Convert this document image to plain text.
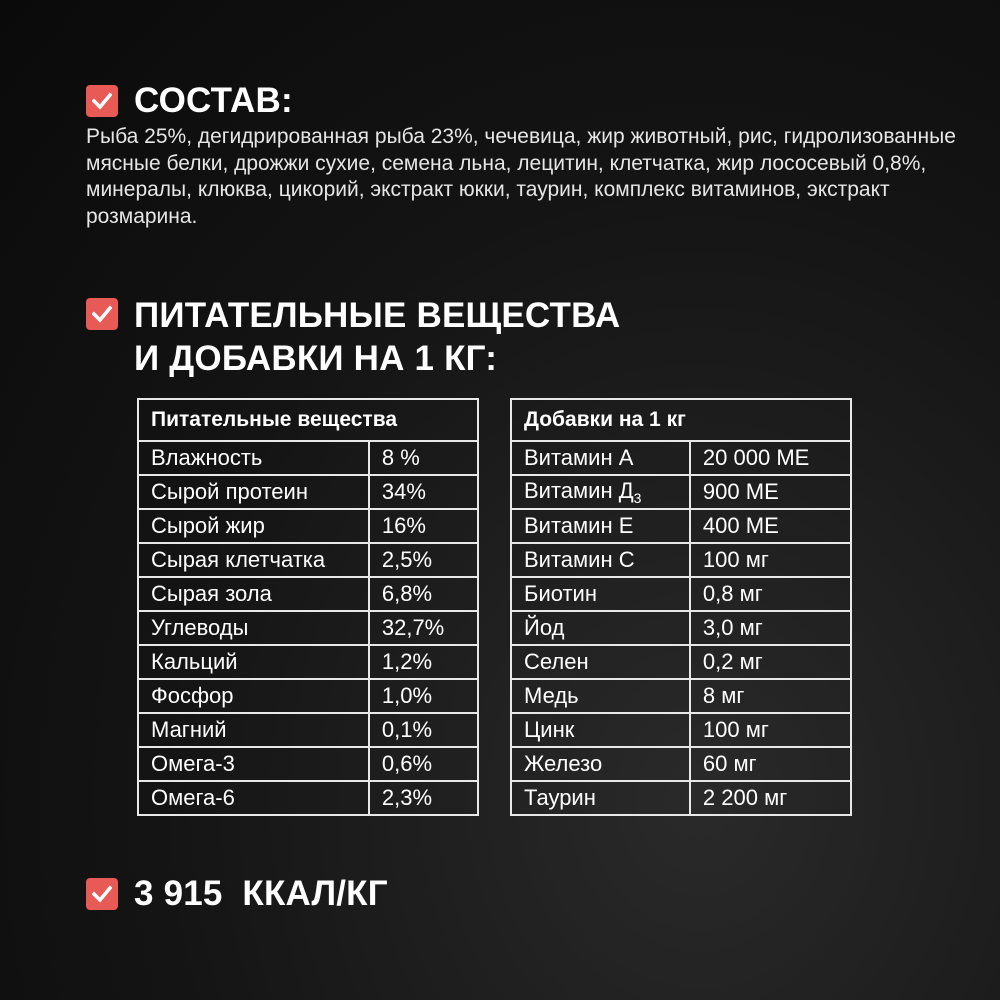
СОСТАВ:

Рыба 25%, дегидрированная рыба 23%, чечевица, жир животный, рис, гидролизованные мясные белки, дрожжи сухие, семена льна, лецитин, клетчатка, жир лососевый 0,8%, минералы, клюква, цикорий, экстракт юкки, таурин, комплекс витаминов, экстракт розмарина.

ПИТАТЕЛЬНЫЕ ВЕЩЕСТВА
И ДОБАВКИ НА 1 КГ:
Питательные вещества	
Влажность	8 %
Сырой протеин	34%
Сырой жир	16%
Сырая клетчатка	2,5%
Сырая зола	6,8%
Углеводы	32,7%
Кальций	1,2%
Фосфор	1,0%
Магний	0,1%
Омега-3	0,6%
Омега-6	2,3%
Добавки на 1 кг	
Витамин А	20 000 МЕ
Витамин $Д_3$	900 МЕ
Витамин Е	400 МЕ
Витамин С	100 мг
Биотин	0,8 мг
Йод	3,0 мг
Селен	0,2 мг
Медь	8 мг
Цинк	100 мг
Железо	60 мг
Таурин	2 200 мг
3 915  ККАЛ/КГ
